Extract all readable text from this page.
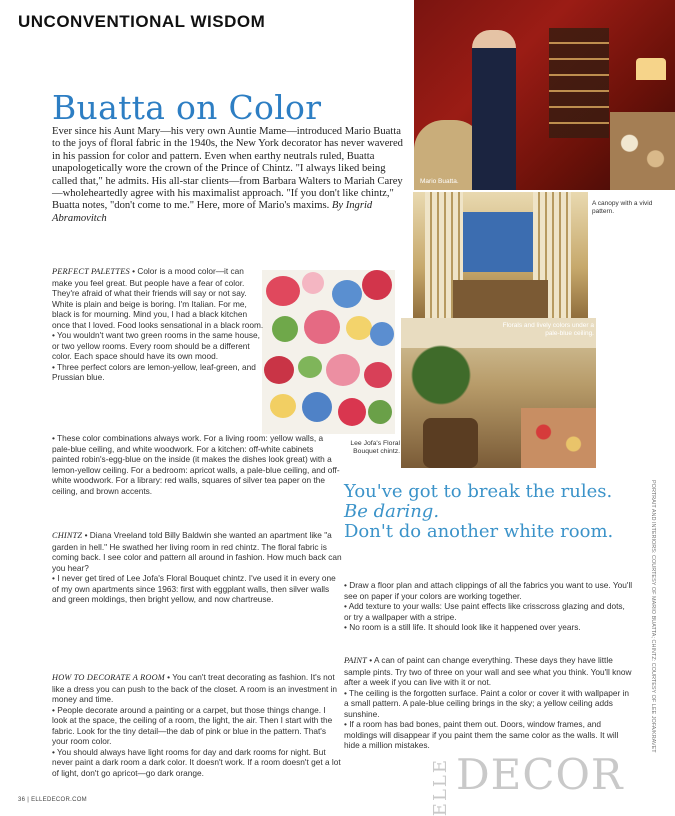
UNCONVENTIONAL WISDOM
Mario Buatta.
A canopy with a vivid pattern.
Buatta on Color
Ever since his Aunt Mary—his very own Auntie Mame—introduced Mario Buatta to the joys of floral fabric in the 1940s, the New York decorator has never wavered in his passion for color and pattern. Even when earthy neutrals ruled, Buatta unapologetically wore the crown of the Prince of Chintz. "I always liked being called that," he admits. His all-star clients—from Barbara Walters to Mariah Carey—wholeheartedly agree with his maximalist approach. "If you don't like chintz," Buatta notes, "don't come to me." Here, more of Mario's maxims. By Ingrid Abramovitch
Florals and lively colors under a pale-blue ceiling.
Lee Jofa's Floral Bouquet chintz.

PERFECT PALETTES • Color is a mood color—it can make you feel great. But people have a fear of color. They're afraid of what their friends will say or not say. White is plain and beige is boring. I'm Italian. For me, black is for mourning. Mind you, I had a black kitchen once that I loved. Food looks sensational in a black room.

• You wouldn't want two green rooms in the same house, or two yellow rooms. Every room should be a different color. Each space should have its own mood.

• Three perfect colors are lemon-yellow, leaf-green, and Prussian blue.

• These color combinations always work. For a living room: yellow walls, a pale-blue ceiling, and white woodwork. For a kitchen: off-white cabinets painted robin's-egg-blue on the inside (it makes the dishes look great) with a lemon-yellow ceiling. For a bedroom: apricot walls, a pale-blue ceiling, and off-white woodwork. For a library: red walls, squares of silver tea paper on the ceiling, and brown accents.

CHINTZ • Diana Vreeland told Billy Baldwin she wanted an apartment like "a garden in hell." He swathed her living room in red chintz. The floral fabric is coming back. I see color and pattern all around in fashion. How much back can you hear?

• I never get tired of Lee Jofa's Floral Bouquet chintz. I've used it in every one of my own apartments since 1963: first with eggplant walls, then silver walls and green moldings, then bright yellow, and now chartreuse.

HOW TO DECORATE A ROOM • You can't treat decorating as fashion. It's not like a dress you can push to the back of the closet. A room is an investment in money and time.

• People decorate around a painting or a carpet, but those things change. I look at the space, the ceiling of a room, the light, the air. Then I start with the fabric. Look for the tiny detail—the dab of pink or blue in the pattern. That's your room color.

• You should always have light rooms for day and dark rooms for night. But never paint a dark room a dark color. It doesn't work. If a room doesn't get a lot of light, don't go apricot—go dark orange.

You've got to break the rules.
Be daring.
Don't do another white room.

• Draw a floor plan and attach clippings of all the fabrics you want to use. You'll see on paper if your colors are working together.

• Add texture to your walls: Use paint effects like crisscross glazing and dots, or try a wallpaper with a stripe.

• No room is a still life. It should look like it happened over years.

PAINT • A can of paint can change everything. These days they have little sample pints. Try two of three on your wall and see what you think. You'll know after a week if you can live with it or not.

• The ceiling is the forgotten surface. Paint a color or cover it with wallpaper in a small pattern. A pale-blue ceiling brings in the sky; a yellow ceiling adds sunshine.

• If a room has bad bones, paint them out. Doors, window frames, and moldings will disappear if you paint them the same color as the walls. It will hide a million mistakes.	PORTRAIT AND INTERIORS: COURTESY OF MARIO BUATTA; CHINTZ: COURTESY OF LEE JOFA/KRAVET
36 | ELLEDECOR.COM	ELLE DECOR
